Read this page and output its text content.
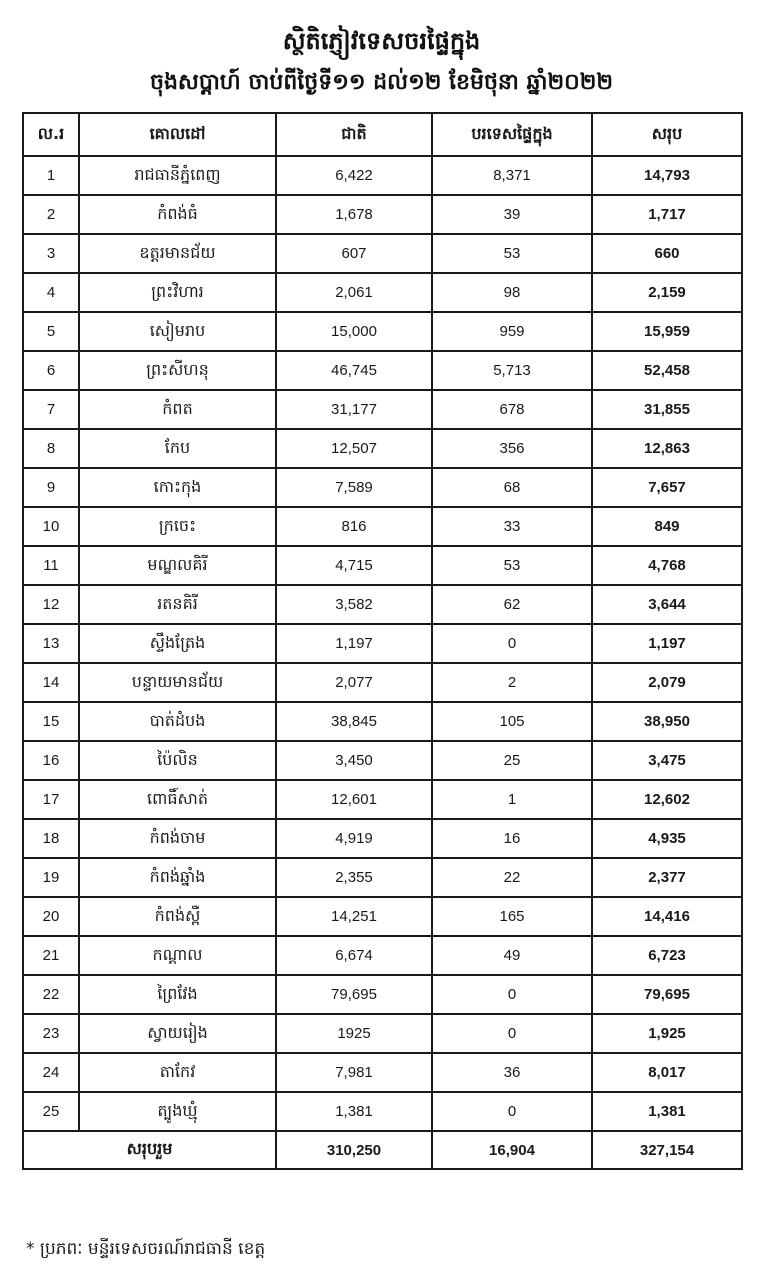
ស្ថិតិភ្ញៀវទេសចរផ្ទៃក្នុង
ចុងសប្តាហ៍ ចាប់ពីថ្ងៃទី១១ ដល់១២ ខែមិថុនា ឆ្នាំ២០២២
ល.រ	គោលដៅ	ជាតិ	បរទេសផ្ទៃក្នុង	សរុប
1	រាជធានីភ្នំពេញ	6,422	8,371	14,793
2	កំពង់ធំ	1,678	39	1,717
3	ឧត្តរមានជ័យ	607	53	660
4	ព្រះវិហារ	2,061	98	2,159
5	សៀមរាប	15,000	959	15,959
6	ព្រះសីហនុ	46,745	5,713	52,458
7	កំពត	31,177	678	31,855
8	កែប	12,507	356	12,863
9	កោះកុង	7,589	68	7,657
10	ក្រចេះ	816	33	849
11	មណ្ឌលគិរី	4,715	53	4,768
12	រតនគិរី	3,582	62	3,644
13	ស្ទឹងត្រែង	1,197	0	1,197
14	បន្ទាយមានជ័យ	2,077	2	2,079
15	បាត់ដំបង	38,845	105	38,950
16	ប៉ៃលិន	3,450	25	3,475
17	ពោធិ៍សាត់	12,601	1	12,602
18	កំពង់ចាម	4,919	16	4,935
19	កំពង់ឆ្នាំង	2,355	22	2,377
20	កំពង់ស្ពឺ	14,251	165	14,416
21	កណ្តាល	6,674	49	6,723
22	ព្រៃវែង	79,695	0	79,695
23	ស្វាយរៀង	1925	0	1,925
24	តាកែវ	7,981	36	8,017
25	ត្បូងឃ្មុំ	1,381	0	1,381
សរុបរួម		310,250	16,904	327,154
* ប្រភពៈ មន្ទីរទេសចរណ៍រាជធានី ខេត្ត
